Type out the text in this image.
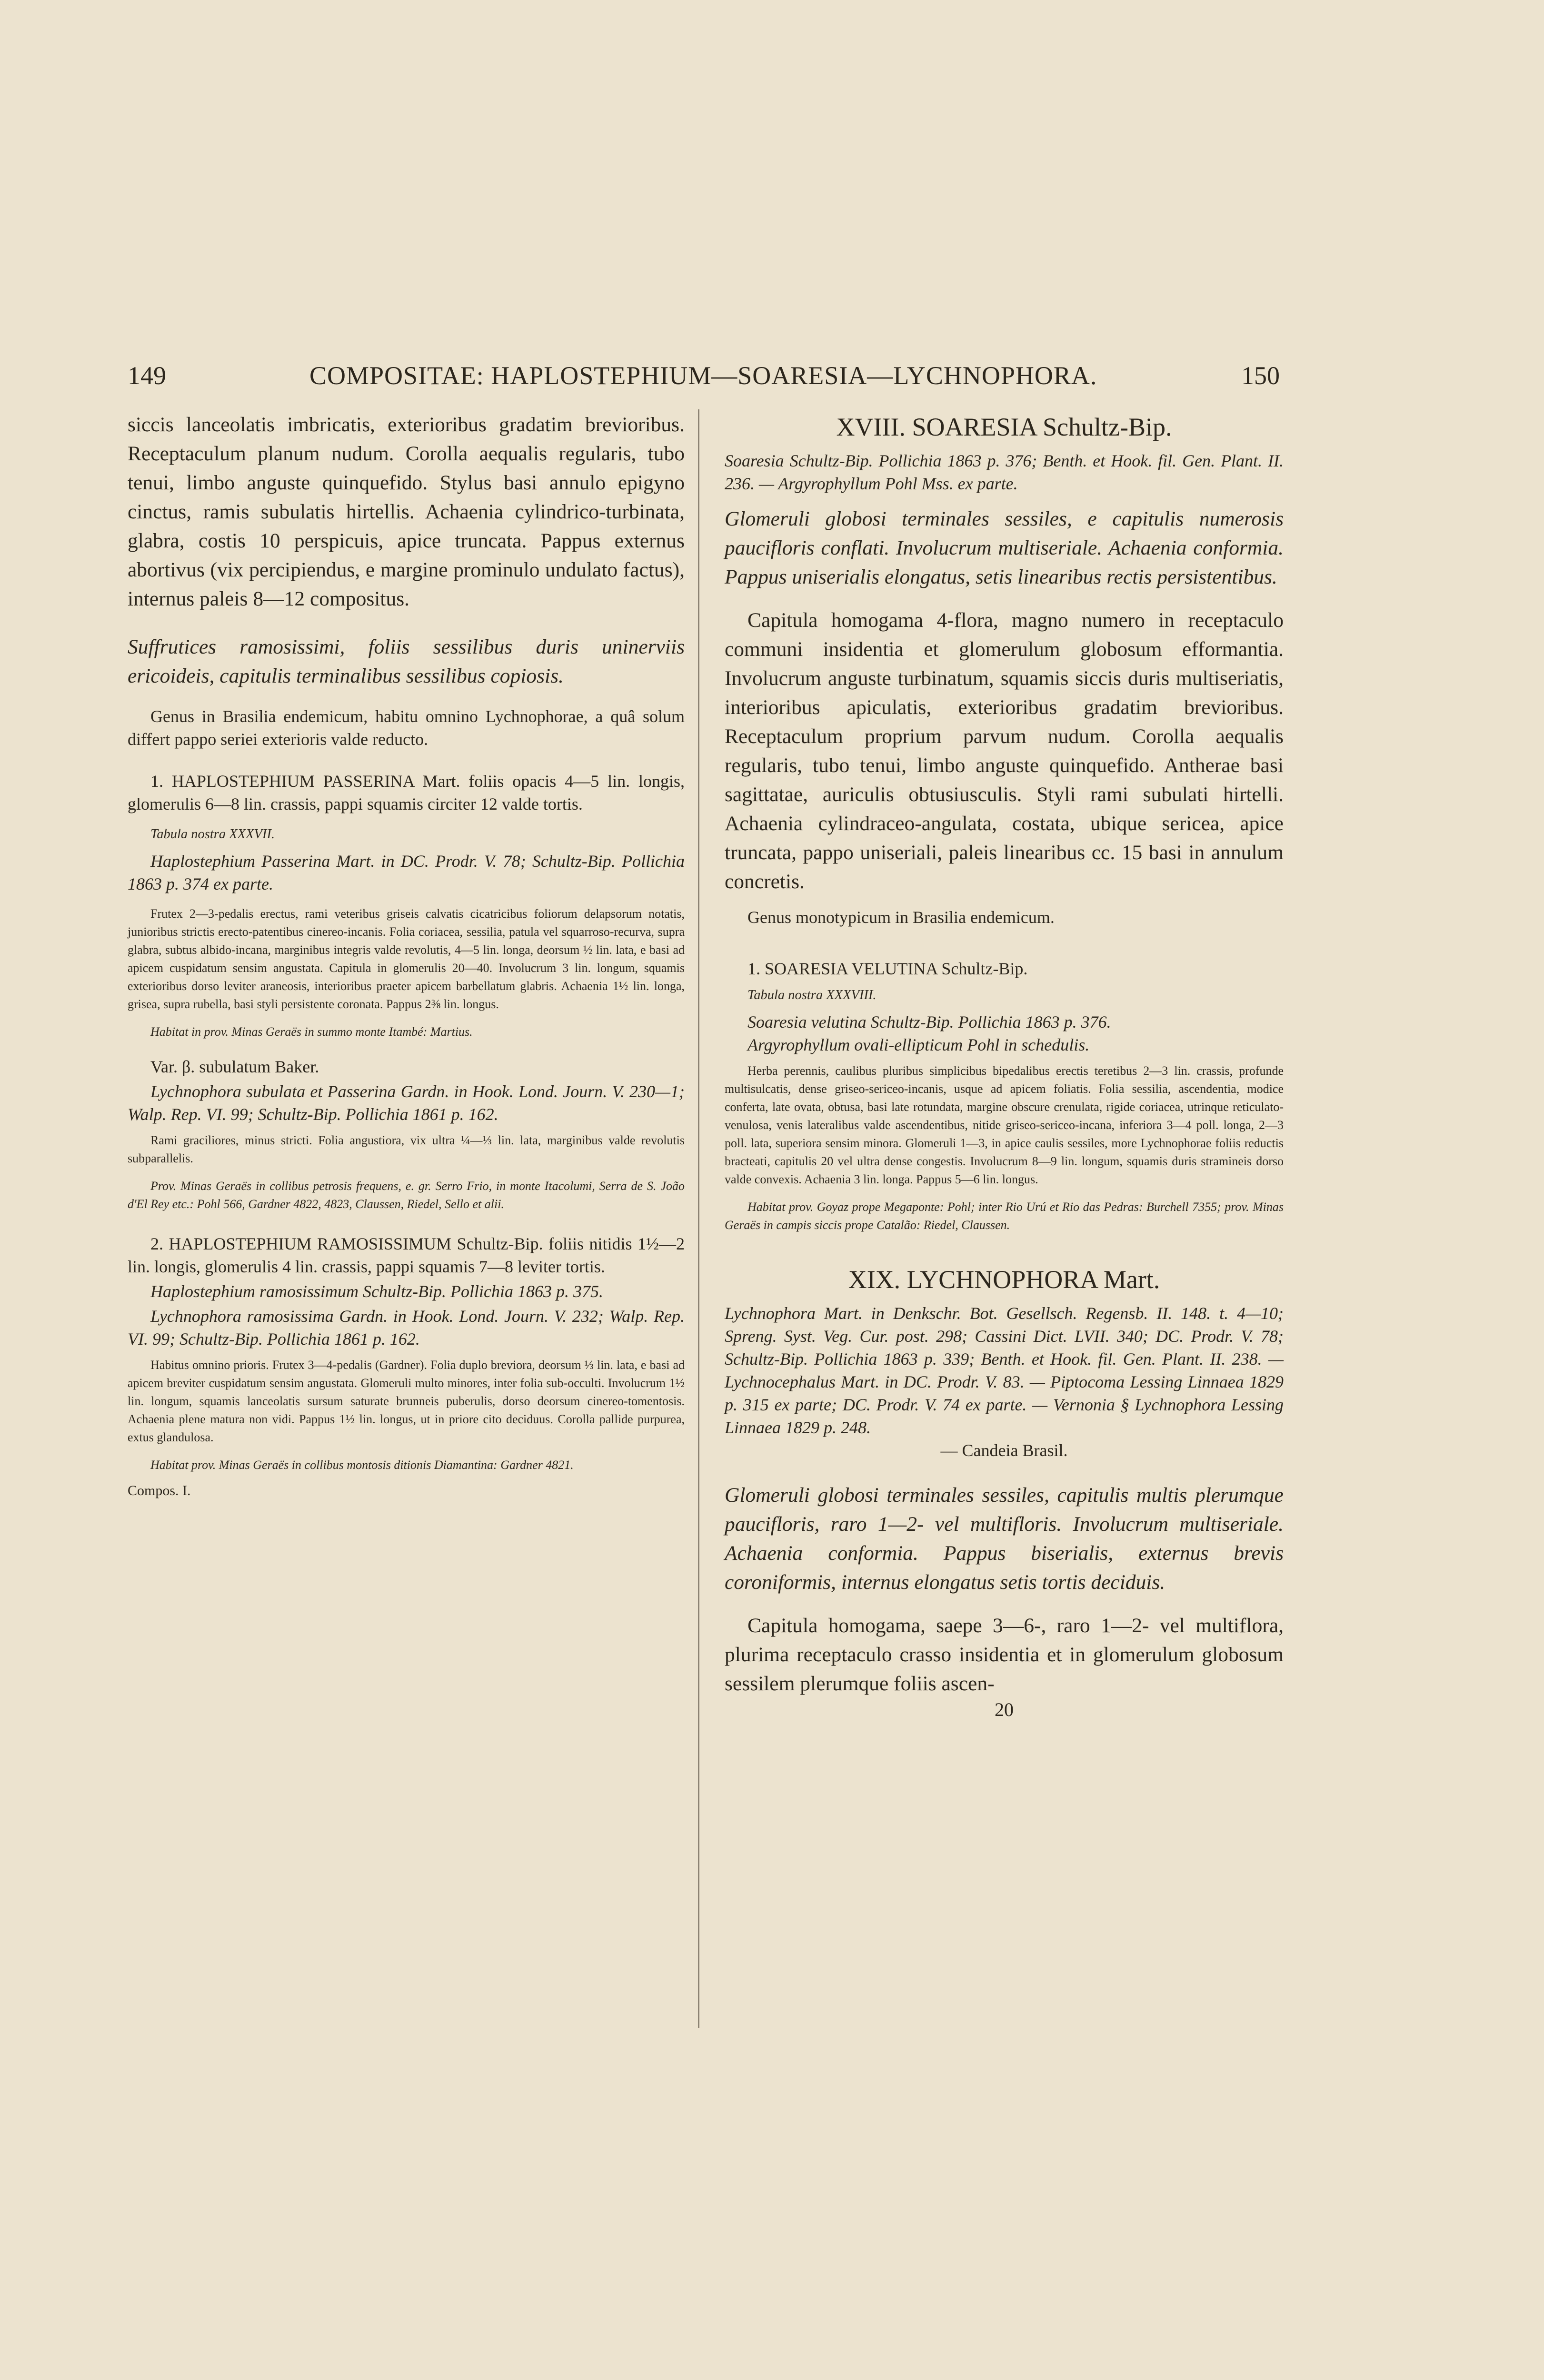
149	COMPOSITAE: HAPLOSTEPHIUM—SOARESIA—LYCHNOPHORA.	150

siccis lanceolatis imbricatis, exterioribus gradatim brevioribus. Receptaculum planum nudum. Corolla aequalis regularis, tubo tenui, limbo anguste quinquefido. Stylus basi annulo epigyno cinctus, ramis subulatis hirtellis. Achaenia cylindrico-turbinata, glabra, costis 10 perspicuis, apice truncata. Pappus externus abortivus (vix percipiendus, e margine prominulo undulato factus), internus paleis 8—12 compositus.

Suffrutices ramosissimi, foliis sessilibus duris uninerviis ericoideis, capitulis terminalibus sessilibus copiosis.

Genus in Brasilia endemicum, habitu omnino Lychnophorae, a quâ solum differt pappo seriei exterioris valde reducto.

1. HAPLOSTEPHIUM PASSERINA Mart. foliis opacis 4—5 lin. longis, glomerulis 6—8 lin. crassis, pappi squamis circiter 12 valde tortis.

Tabula nostra XXXVII.

Haplostephium Passerina Mart. in DC. Prodr. V. 78; Schultz-Bip. Pollichia 1863 p. 374 ex parte.

Frutex 2—3-pedalis erectus, rami veteribus griseis calvatis cicatricibus foliorum delapsorum notatis, junioribus strictis erecto-patentibus cinereo-incanis. Folia coriacea, sessilia, patula vel squarroso-recurva, supra glabra, subtus albido-incana, marginibus integris valde revolutis, 4—5 lin. longa, deorsum ½ lin. lata, e basi ad apicem cuspidatum sensim angustata. Capitula in glomerulis 20—40. Involucrum 3 lin. longum, squamis exterioribus dorso leviter araneosis, interioribus praeter apicem barbellatum glabris. Achaenia 1½ lin. longa, grisea, supra rubella, basi styli persistente coronata. Pappus 2⅜ lin. longus.

Habitat in prov. Minas Geraës in summo monte Itambé: Martius.

Var. β. subulatum Baker.

Lychnophora subulata et Passerina Gardn. in Hook. Lond. Journ. V. 230—1; Walp. Rep. VI. 99; Schultz-Bip. Pollichia 1861 p. 162.

Rami graciliores, minus stricti. Folia angustiora, vix ultra ¼—⅓ lin. lata, marginibus valde revolutis subparallelis.

Prov. Minas Geraës in collibus petrosis frequens, e. gr. Serro Frio, in monte Itacolumi, Serra de S. João d'El Rey etc.: Pohl 566, Gardner 4822, 4823, Claussen, Riedel, Sello et alii.

2. HAPLOSTEPHIUM RAMOSISSIMUM Schultz-Bip. foliis nitidis 1½—2 lin. longis, glomerulis 4 lin. crassis, pappi squamis 7—8 leviter tortis.

Haplostephium ramosissimum Schultz-Bip. Pollichia 1863 p. 375.

Lychnophora ramosissima Gardn. in Hook. Lond. Journ. V. 232; Walp. Rep. VI. 99; Schultz-Bip. Pollichia 1861 p. 162.

Habitus omnino prioris. Frutex 3—4-pedalis (Gardner). Folia duplo breviora, deorsum ⅓ lin. lata, e basi ad apicem breviter cuspidatum sensim angustata. Glomeruli multo minores, inter folia sub-occulti. Involucrum 1½ lin. longum, squamis lanceolatis sursum saturate brunneis puberulis, dorso deorsum cinereo-tomentosis. Achaenia plene matura non vidi. Pappus 1½ lin. longus, ut in priore cito deciduus. Corolla pallide purpurea, extus glandulosa.

Habitat prov. Minas Geraës in collibus montosis ditionis Diamantina: Gardner 4821.

Compos. I.

XVIII. SOARESIA Schultz-Bip.

Soaresia Schultz-Bip. Pollichia 1863 p. 376; Benth. et Hook. fil. Gen. Plant. II. 236. — Argyrophyllum Pohl Mss. ex parte.

Glomeruli globosi terminales sessiles, e capitulis numerosis paucifloris conflati. Involucrum multiseriale. Achaenia conformia. Pappus uniserialis elongatus, setis linearibus rectis persistentibus.

Capitula homogama 4-flora, magno numero in receptaculo communi insidentia et glomerulum globosum efformantia. Involucrum anguste turbinatum, squamis siccis duris multiseriatis, interioribus apiculatis, exterioribus gradatim brevioribus. Receptaculum proprium parvum nudum. Corolla aequalis regularis, tubo tenui, limbo anguste quinquefido. Antherae basi sagittatae, auriculis obtusiusculis. Styli rami subulati hirtelli. Achaenia cylindraceo-angulata, costata, ubique sericea, apice truncata, pappo uniseriali, paleis linearibus cc. 15 basi in annulum concretis.

Genus monotypicum in Brasilia endemicum.

1. SOARESIA VELUTINA Schultz-Bip.

Tabula nostra XXXVIII.

Soaresia velutina Schultz-Bip. Pollichia 1863 p. 376.

Argyrophyllum ovali-ellipticum Pohl in schedulis.

Herba perennis, caulibus pluribus simplicibus bipedalibus erectis teretibus 2—3 lin. crassis, profunde multisulcatis, dense griseo-sericeo-incanis, usque ad apicem foliatis. Folia sessilia, ascendentia, modice conferta, late ovata, obtusa, basi late rotundata, margine obscure crenulata, rigide coriacea, utrinque reticulato-venulosa, venis lateralibus valde ascendentibus, nitide griseo-sericeo-incana, inferiora 3—4 poll. longa, 2—3 poll. lata, superiora sensim minora. Glomeruli 1—3, in apice caulis sessiles, more Lychnophorae foliis reductis bracteati, capitulis 20 vel ultra dense congestis. Involucrum 8—9 lin. longum, squamis duris stramineis dorso valde convexis. Achaenia 3 lin. longa. Pappus 5—6 lin. longus.

Habitat prov. Goyaz prope Megaponte: Pohl; inter Rio Urú et Rio das Pedras: Burchell 7355; prov. Minas Geraës in campis siccis prope Catalão: Riedel, Claussen.

XIX. LYCHNOPHORA Mart.

Lychnophora Mart. in Denkschr. Bot. Gesellsch. Regensb. II. 148. t. 4—10; Spreng. Syst. Veg. Cur. post. 298; Cassini Dict. LVII. 340; DC. Prodr. V. 78; Schultz-Bip. Pollichia 1863 p. 339; Benth. et Hook. fil. Gen. Plant. II. 238. — Lychnocephalus Mart. in DC. Prodr. V. 83. — Piptocoma Lessing Linnaea 1829 p. 315 ex parte; DC. Prodr. V. 74 ex parte. — Vernonia § Lychnophora Lessing Linnaea 1829 p. 248.

— Candeia Brasil.

Glomeruli globosi terminales sessiles, capitulis multis plerumque paucifloris, raro 1—2- vel multifloris. Involucrum multiseriale. Achaenia conformia. Pappus biserialis, externus brevis coroniformis, internus elongatus setis tortis deciduis.

Capitula homogama, saepe 3—6-, raro 1—2- vel multiflora, plurima receptaculo crasso insidentia et in glomerulum globosum sessilem plerumque foliis ascen-

20
